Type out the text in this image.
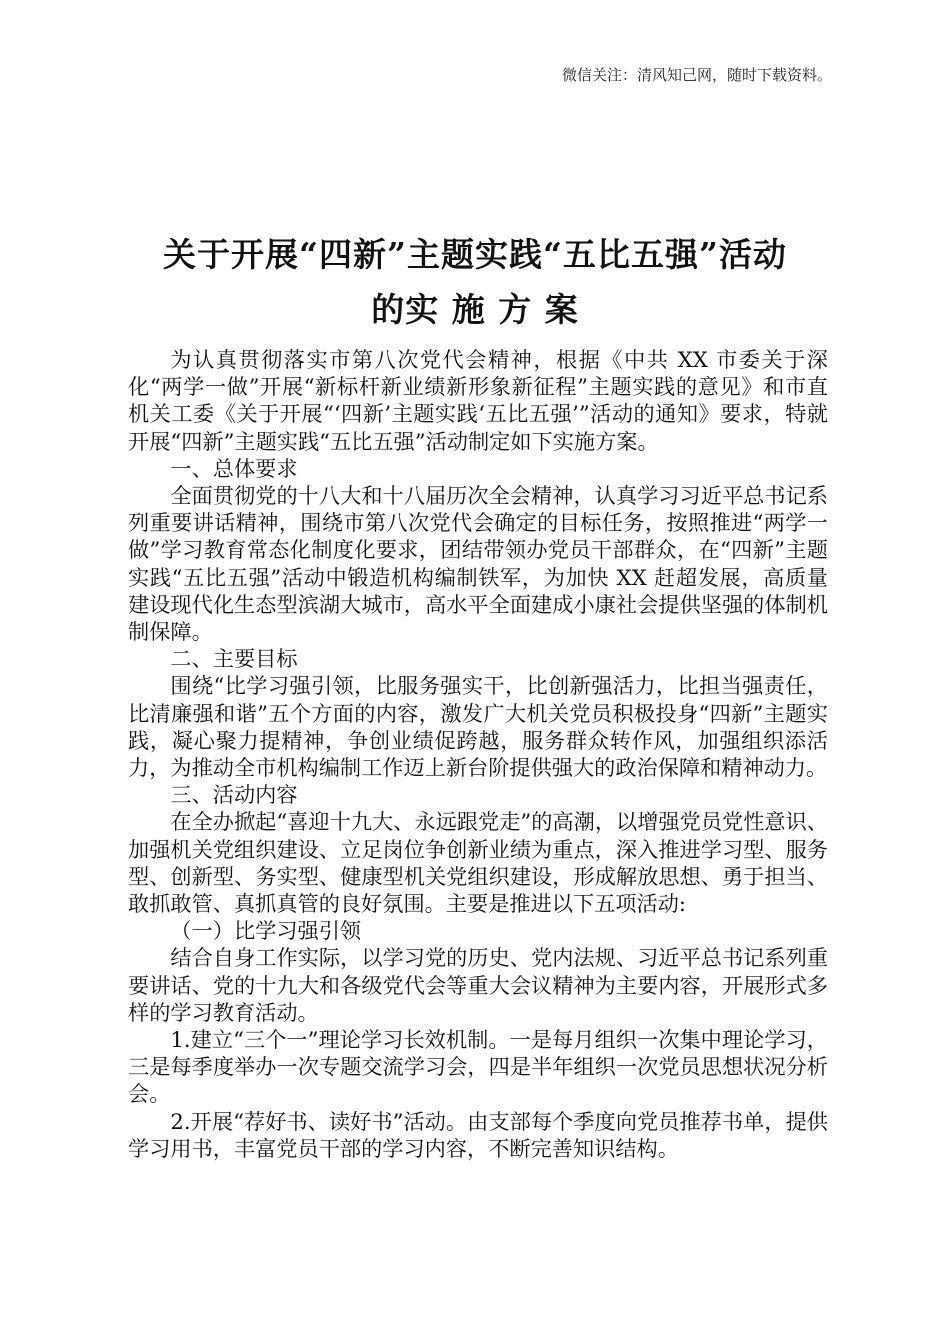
微信关注：清风知己网，随时下载资料。
关于开展“四新”主题实践“五比五强”活动
的实 施 方 案

为认真贯彻落实市第八次党代会精神，根据《中共 XX 市委关于深化“两学一做”开展“新标杆新业绩新形象新征程”主题实践的意见》和市直机关工委《关于开展“‘四新’主题实践‘五比五强’”活动的通知》要求，特就开展“四新”主题实践“五比五强”活动制定如下实施方案。

一、总体要求

全面贯彻党的十八大和十八届历次全会精神，认真学习习近平总书记系列重要讲话精神，围绕市第八次党代会确定的目标任务，按照推进“两学一做”学习教育常态化制度化要求，团结带领办党员干部群众，在“四新”主题实践“五比五强”活动中锻造机构编制铁军，为加快 XX 赶超发展，高质量建设现代化生态型滨湖大城市，高水平全面建成小康社会提供坚强的体制机制保障。

二、主要目标

围绕“比学习强引领，比服务强实干，比创新强活力，比担当强责任，比清廉强和谐”五个方面的内容，激发广大机关党员积极投身“四新”主题实践，凝心聚力提精神，争创业绩促跨越，服务群众转作风，加强组织添活力，为推动全市机构编制工作迈上新台阶提供强大的政治保障和精神动力。

三、活动内容

在全办掀起“喜迎十九大、永远跟党走”的高潮，以增强党员党性意识、加强机关党组织建设、立足岗位争创新业绩为重点，深入推进学习型、服务型、创新型、务实型、健康型机关党组织建设，形成解放思想、勇于担当、敢抓敢管、真抓真管的良好氛围。主要是推进以下五项活动:

（一）比学习强引领

结合自身工作实际，以学习党的历史、党内法规、习近平总书记系列重要讲话、党的十九大和各级党代会等重大会议精神为主要内容，开展形式多样的学习教育活动。

1.建立“三个一”理论学习长效机制。一是每月组织一次集中理论学习，三是每季度举办一次专题交流学习会，四是半年组织一次党员思想状况分析会。

2.开展“荐好书、读好书”活动。由支部每个季度向党员推荐书单，提供学习用书，丰富党员干部的学习内容，不断完善知识结构。
